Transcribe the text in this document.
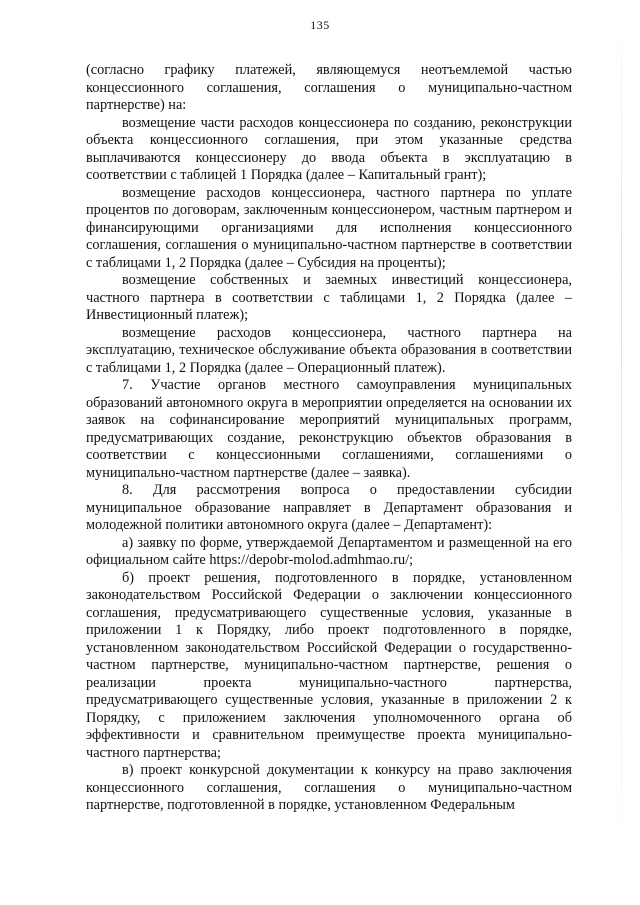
135

(согласно графику платежей, являющемуся неотъемлемой частью концессионного соглашения, соглашения о муниципально-частном партнерстве) на:

возмещение части расходов концессионера по созданию, реконструкции объекта концессионного соглашения, при этом указанные средства выплачиваются концессионеру до ввода объекта в эксплуатацию в соответствии с таблицей 1 Порядка (далее – Капитальный грант);

возмещение расходов концессионера, частного партнера по уплате процентов по договорам, заключенным концессионером, частным партнером и финансирующими организациями для исполнения концессионного соглашения, соглашения о муниципально-частном партнерстве в соответствии с таблицами 1, 2 Порядка (далее – Субсидия на проценты);

возмещение собственных и заемных инвестиций концессионера, частного партнера в соответствии с таблицами 1, 2 Порядка (далее – Инвестиционный платеж);

возмещение расходов концессионера, частного партнера на эксплуатацию, техническое обслуживание объекта образования в соответствии с таблицами 1, 2 Порядка (далее – Операционный платеж).

7. Участие органов местного самоуправления муниципальных образований автономного округа в мероприятии определяется на основании их заявок на софинансирование мероприятий муниципальных программ, предусматривающих создание, реконструкцию объектов образования в соответствии с концессионными соглашениями, соглашениями о муниципально-частном партнерстве (далее – заявка).

8. Для рассмотрения вопроса о предоставлении субсидии муниципальное образование направляет в Департамент образования и молодежной политики автономного округа (далее – Департамент):

а) заявку по форме, утверждаемой Департаментом и размещенной на его официальном сайте https://depobr-molod.admhmao.ru/;

б) проект решения, подготовленного в порядке, установленном законодательством Российской Федерации о заключении концессионного соглашения, предусматривающего существенные условия, указанные в приложении 1 к Порядку, либо проект подготовленного в порядке, установленном законодательством Российской Федерации о государственно-частном партнерстве, муниципально-частном партнерстве, решения о реализации проекта муниципально-частного партнерства, предусматривающего существенные условия, указанные в приложении 2 к Порядку, с приложением заключения уполномоченного органа об эффективности и сравнительном преимуществе проекта муниципально-частного партнерства;

в) проект конкурсной документации к конкурсу на право заключения концессионного соглашения, соглашения о муниципально-частном партнерстве, подготовленной в порядке, установленном Федеральным
